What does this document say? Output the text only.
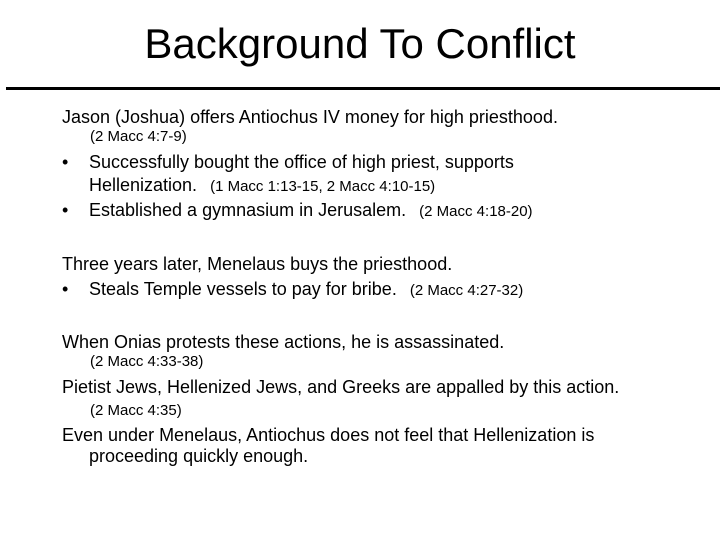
Background To Conflict
Jason (Joshua) offers Antiochus IV money for high priesthood.
(2 Macc 4:7-9)
• Successfully bought the office of high priest, supports
Hellenization. (1 Macc 1:13-15, 2 Macc 4:10-15)
• Established a gymnasium in Jerusalem. (2 Macc 4:18-20)
Three years later, Menelaus buys the priesthood.
• Steals Temple vessels to pay for bribe. (2 Macc 4:27-32)
When Onias protests these actions, he is assassinated.
(2 Macc 4:33-38)
Pietist Jews, Hellenized Jews, and Greeks are appalled by this action.
(2 Macc 4:35)
Even under Menelaus, Antiochus does not feel that Hellenization is
proceeding quickly enough.
